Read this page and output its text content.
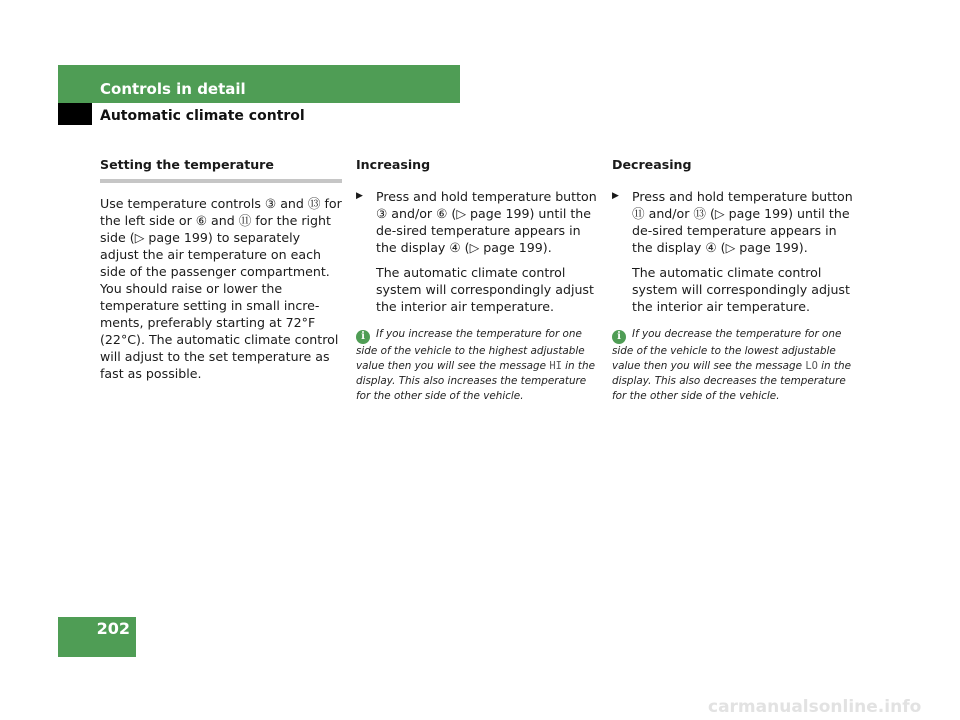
Controls in detail
Automatic climate control
Setting the temperature

Use temperature controls ③ and ⑬ for the left side or ⑥ and ⑪ for the right side (▷ page 199) to separately adjust the air temperature on each side of the passenger compartment. You should raise or lower the temperature setting in small incre-ments, preferably starting at 72°F (22°C). The automatic climate control will adjust to the set temperature as fast as possible.

Increasing
▶ Press and hold temperature button ③ and/or ⑥ (▷ page 199) until the de-sired temperature appears in the display ④ (▷ page 199).

The automatic climate control system will correspondingly adjust the interior air temperature.

i If you increase the temperature for one side of the vehicle to the highest adjustable value then you will see the message HI in the display. This also increases the temperature for the other side of the vehicle.
Decreasing
▶ Press and hold temperature button ⑪ and/or ⑬ (▷ page 199) until the de-sired temperature appears in the display ④ (▷ page 199).

The automatic climate control system will correspondingly adjust the interior air temperature.

i If you decrease the temperature for one side of the vehicle to the lowest adjustable value then you will see the message LO in the display. This also decreases the temperature for the other side of the vehicle.
202
carmanualsonline.info
